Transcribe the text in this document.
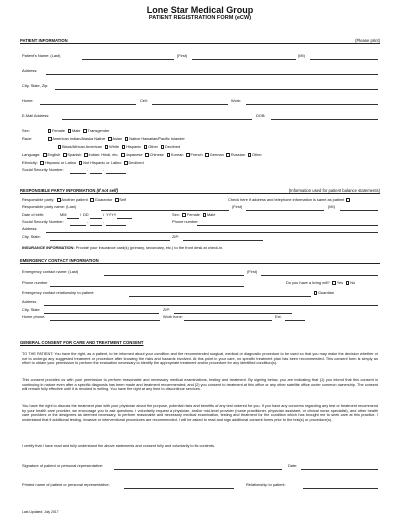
Lone Star Medical Group
PATIENT REGISTRATION FORM (eCW)
PATIENT INFORMATION	(Please print)
Patient's Name: (Last)	(First)	(MI)
Address:
City, State, Zip:
Home:	Cell:	Work:
E-Mail Address:	DOB:
Sex:	Female Male Transgender
Race:	American Indian/Alaska Native Asian Native Hawaiian/Pacific Islander
Black/African American White Hispanic Other Declined
Language: English Spanish Indian: Hindi, etc. Japanese Chinese Korean French German Russian Other
Ethnicity: Hispanic or Latino Not Hispanic or Latino Declined
Social Security Number:	-	-
RESPONSIBLE PARTY INFORMATION (If not self)	(Information used for patient balance statements)
Responsible party: Another patient Guarantor Self	Check here if address and telephone information is same as patient
Responsible party name: (Last)	(First)	(MI)
Date of birth:	MM	/ DD	/ YYYY	Sex: Female Male
Social Security Number:	-	-	Phone number:
Address:
City, State:	ZIP:
INSURANCE INFORMATION: Provide your insurance card(s) (primary, secondary, etc.) to the front desk at check-in.
EMERGENCY CONTACT INFORMATION
Emergency contact name: (Last)	(First)
Phone number	Do you have a living will? Yes No
Emergency contact relationship to patient:	Guardian
Address
City, State	ZIP:
Home phone:	Work hone:	Ext.
GENERAL CONSENT FOR CARE AND TREATMENT CONSENT
TO THE PATIENT: You have the right, as a patient, to be informed about your condition and the recommended surgical, medical or diagnostic procedure to be used so that you may make the decision whether or not to undergo any suggested treatment or procedure after knowing the risks and hazards involved. At this point in your care, no specific treatment plan has been recommended. This consent form is simply an effort to obtain your permission to perform the evaluation necessary to identify the appropriate treatment and/or procedure for any identified condition(s).
This consent provides us with your permission to perform reasonable and necessary medical examinations, testing and treatment. By signing below, you are indicating that (1) you intend that this consent is continuing in nature even after a specific diagnosis has been made and treatment recommended; and (2) you consent to treatment at this office or any other satellite office under common ownership. The consent will remain fully effective until it is revoked in writing. You have the right at any time to discontinue services.
You have the right to discuss the treatment plan with your physician about the purpose, potential risks and benefits of any test ordered for you. If you have any concerns regarding any test or treatment recommend by your health care provider, we encourage you to ask questions. I voluntarily request a physician, and/or mid-level provider (nurse practitioner, physician assistant, or clinical nurse specialist), and other health care providers or the designees as deemed necessary, to perform reasonable and necessary medical examination, testing and treatment for the condition which has brought me to seek care at this practice. I understand that if additional testing, invasive or interventional procedures are recommended, I will be asked to read and sign additional consent forms prior to the test(s) or procedure(s).
I certify that I have read and fully understand the above statements and consent fully and voluntarily to its contents.
Signature of patient or personal representative:	Date:
Printed name of patient or personal representative:	Relationship to patient:
Last Updated: July 2017
